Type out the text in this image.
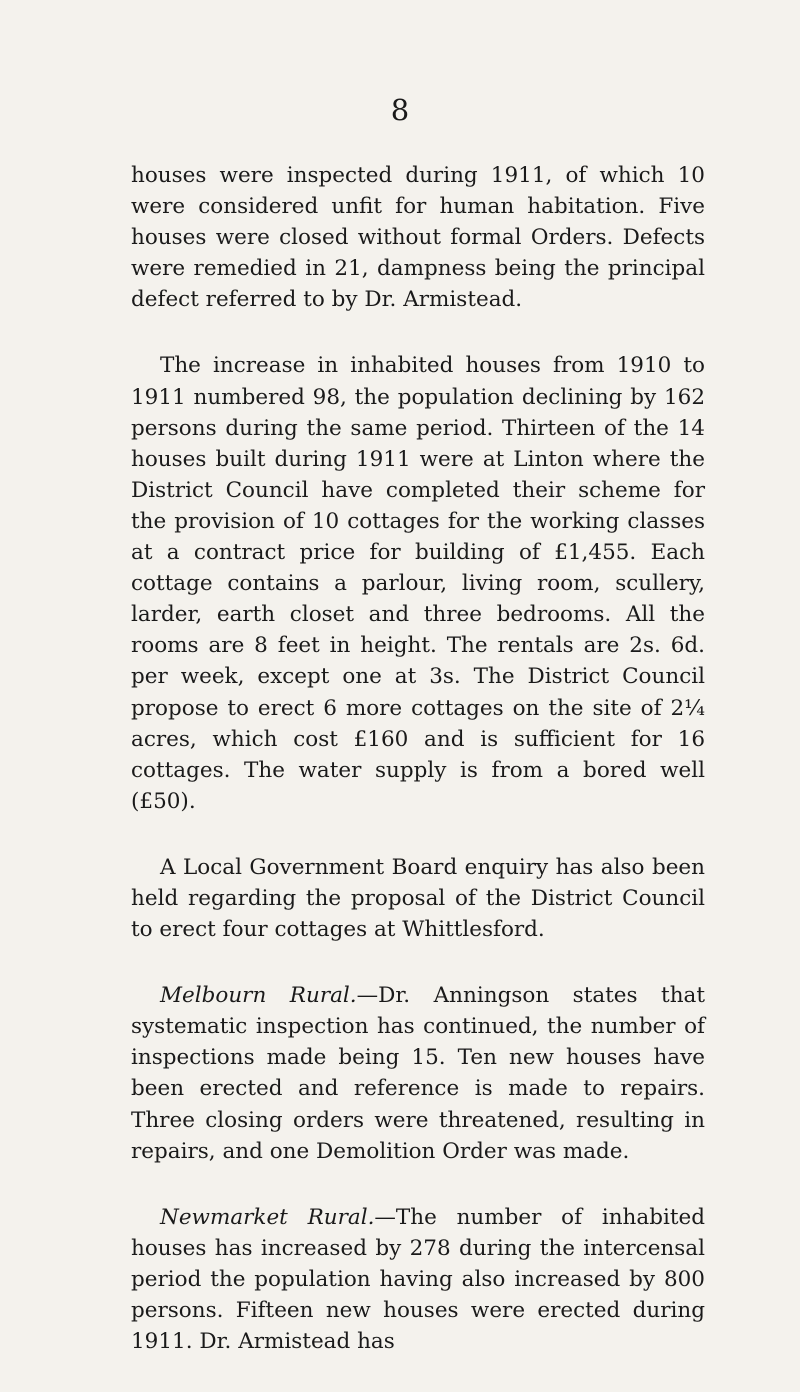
8

houses were inspected during 1911, of which 10 were considered unfit for human habitation. Five houses were closed without formal Orders. Defects were remedied in 21, dampness being the principal defect referred to by Dr. Armistead.

The increase in inhabited houses from 1910 to 1911 numbered 98, the population declining by 162 persons during the same period. Thirteen of the 14 houses built during 1911 were at Linton where the District Council have completed their scheme for the provision of 10 cottages for the working classes at a contract price for building of £1,455. Each cottage contains a parlour, living room, scullery, larder, earth closet and three bedrooms. All the rooms are 8 feet in height. The rentals are 2s. 6d. per week, except one at 3s. The District Council propose to erect 6 more cottages on the site of 2¼ acres, which cost £160 and is sufficient for 16 cottages. The water supply is from a bored well (£50).

A Local Government Board enquiry has also been held regarding the proposal of the District Council to erect four cottages at Whittlesford.

Melbourn Rural.—Dr. Anningson states that systematic inspection has continued, the number of inspections made being 15. Ten new houses have been erected and reference is made to repairs. Three closing orders were threatened, resulting in repairs, and one Demolition Order was made.

Newmarket Rural.—The number of inhabited houses has increased by 278 during the intercensal period the population having also increased by 800 persons. Fifteen new houses were erected during 1911. Dr. Armistead has
